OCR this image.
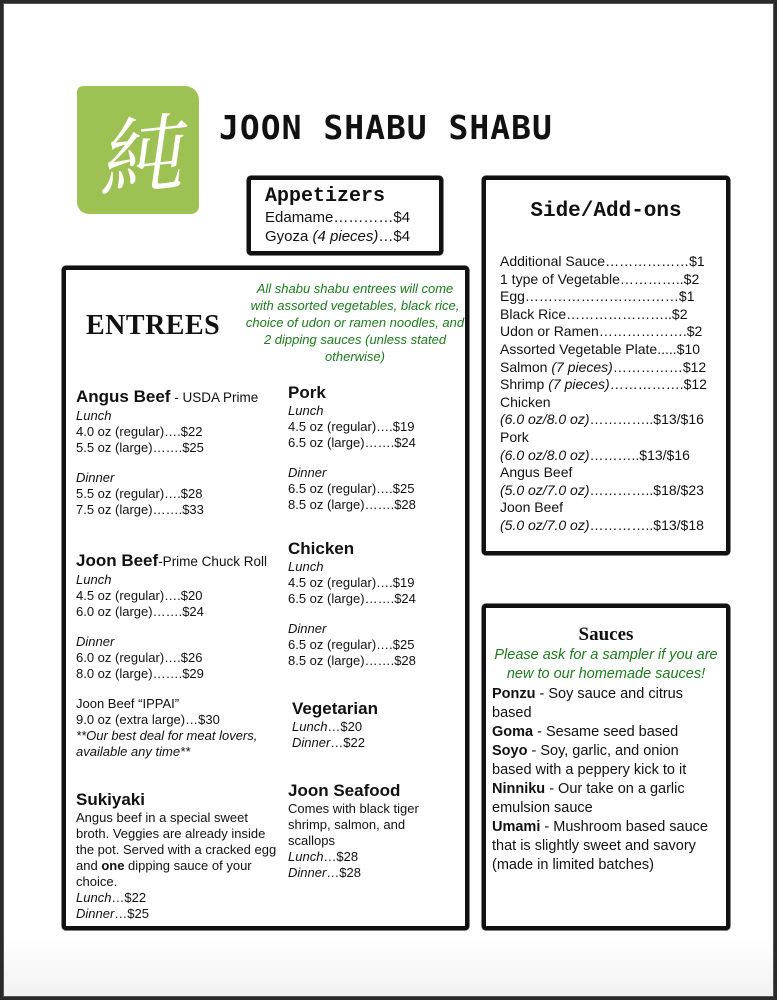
純	JOON SHABU SHABU
Appetizers
Edamame…………$4
Gyoza (4 pieces)…$4
Side/Add-ons
Additional Sauce………………$1
1 type of Vegetable…………..$2
Egg……………………………$1
Black Rice…………………..$2
Udon or Ramen……………….$2
Assorted Vegetable Plate.....$10
Salmon (7 pieces)……………$12
Shrimp (7 pieces)…………….$12
Chicken
(6.0 oz/8.0 oz)…………..$13/$16
Pork
(6.0 oz/8.0 oz)………..$13/$16
Angus Beef
(5.0 oz/7.0 oz)…………..$18/$23
Joon Beef
(5.0 oz/7.0 oz)…………..$13/$18
ENTREES
All shabu shabu entrees will come with assorted vegetables, black rice, choice of udon or ramen noodles, and 2 dipping sauces (unless stated otherwise)
Angus Beef - USDA Prime
Lunch
4.0 oz (regular)….$22
5.5 oz (large)…….$25
Dinner
5.5 oz (regular)….$28
7.5 oz (large)…….$33
Joon Beef-Prime Chuck Roll
Lunch
4.5 oz (regular)….$20
6.0 oz (large)…….$24
Dinner
6.0 oz (regular)….$26
8.0 oz (large)…….$29
Joon Beef “IPPAI”
9.0 oz (extra large)…$30
**Our best deal for meat lovers, available any time**
Sukiyaki
Angus beef in a special sweet broth. Veggies are already inside the pot. Served with a cracked egg and one dipping sauce of your choice.
Lunch…$22
Dinner…$25
Pork
Lunch
4.5 oz (regular)….$19
6.5 oz (large)…….$24
Dinner
6.5 oz (regular)….$25
8.5 oz (large)…….$28
Chicken
Lunch
4.5 oz (regular)….$19
6.5 oz (large)…….$24
Dinner
6.5 oz (regular)….$25
8.5 oz (large)…….$28
Vegetarian
Lunch…$20
Dinner…$22
Joon Seafood
Comes with black tiger shrimp, salmon, and scallops
Lunch…$28
Dinner…$28
Sauces
Please ask for a sampler if you are new to our homemade sauces!
Ponzu - Soy sauce and citrus based
Goma - Sesame seed based
Soyo - Soy, garlic, and onion based with a peppery kick to it
Ninniku - Our take on a garlic emulsion sauce
Umami - Mushroom based sauce that is slightly sweet and savory (made in limited batches)
